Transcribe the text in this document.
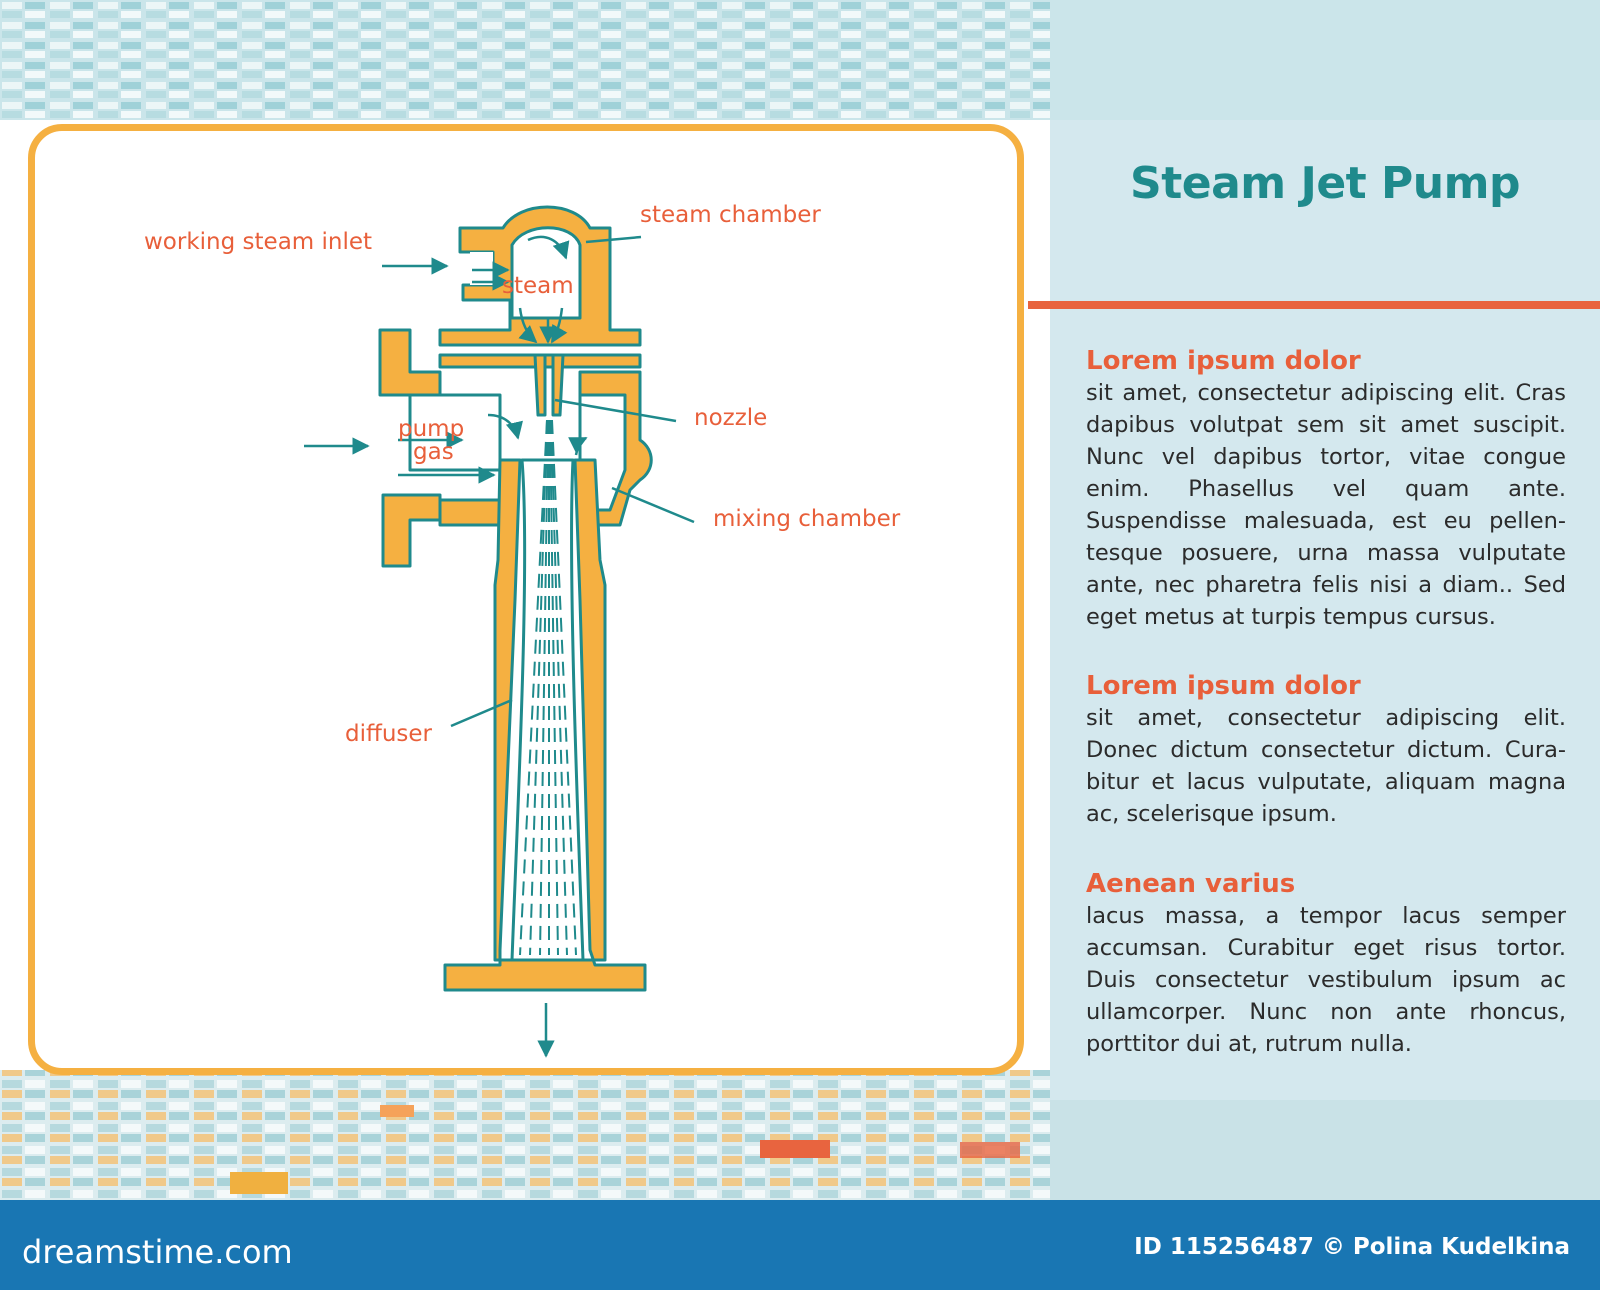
working steam inlet
steam chamber
steam
nozzle
pump
gas
mixing chamber
diffuser
Steam Jet Pump
Lorem ipsum dolor

sit amet, consectetur adipiscing elit. Cras dapibus volutpat sem sit amet suscipit. Nunc vel dapibus tortor, vitae congue enim. Phasellus vel quam ante. Suspendisse malesuada, est eu pellen-tesque posuere, urna massa vulputate ante, nec pharetra felis nisi a diam.. Sed eget metus at turpis tempus cursus.

Lorem ipsum dolor

sit amet, consectetur adipiscing elit. Donec dictum consectetur dictum. Cura-bitur et lacus vulputate, aliquam magna ac, scelerisque ipsum.

Aenean varius

lacus massa, a tempor lacus semper accumsan. Curabitur eget risus tortor. Duis consectetur vestibulum ipsum ac ullamcorper. Nunc non ante rhoncus, porttitor dui at, rutrum nulla.

dreamstime.com	ID 115256487 © Polina Kudelkina
